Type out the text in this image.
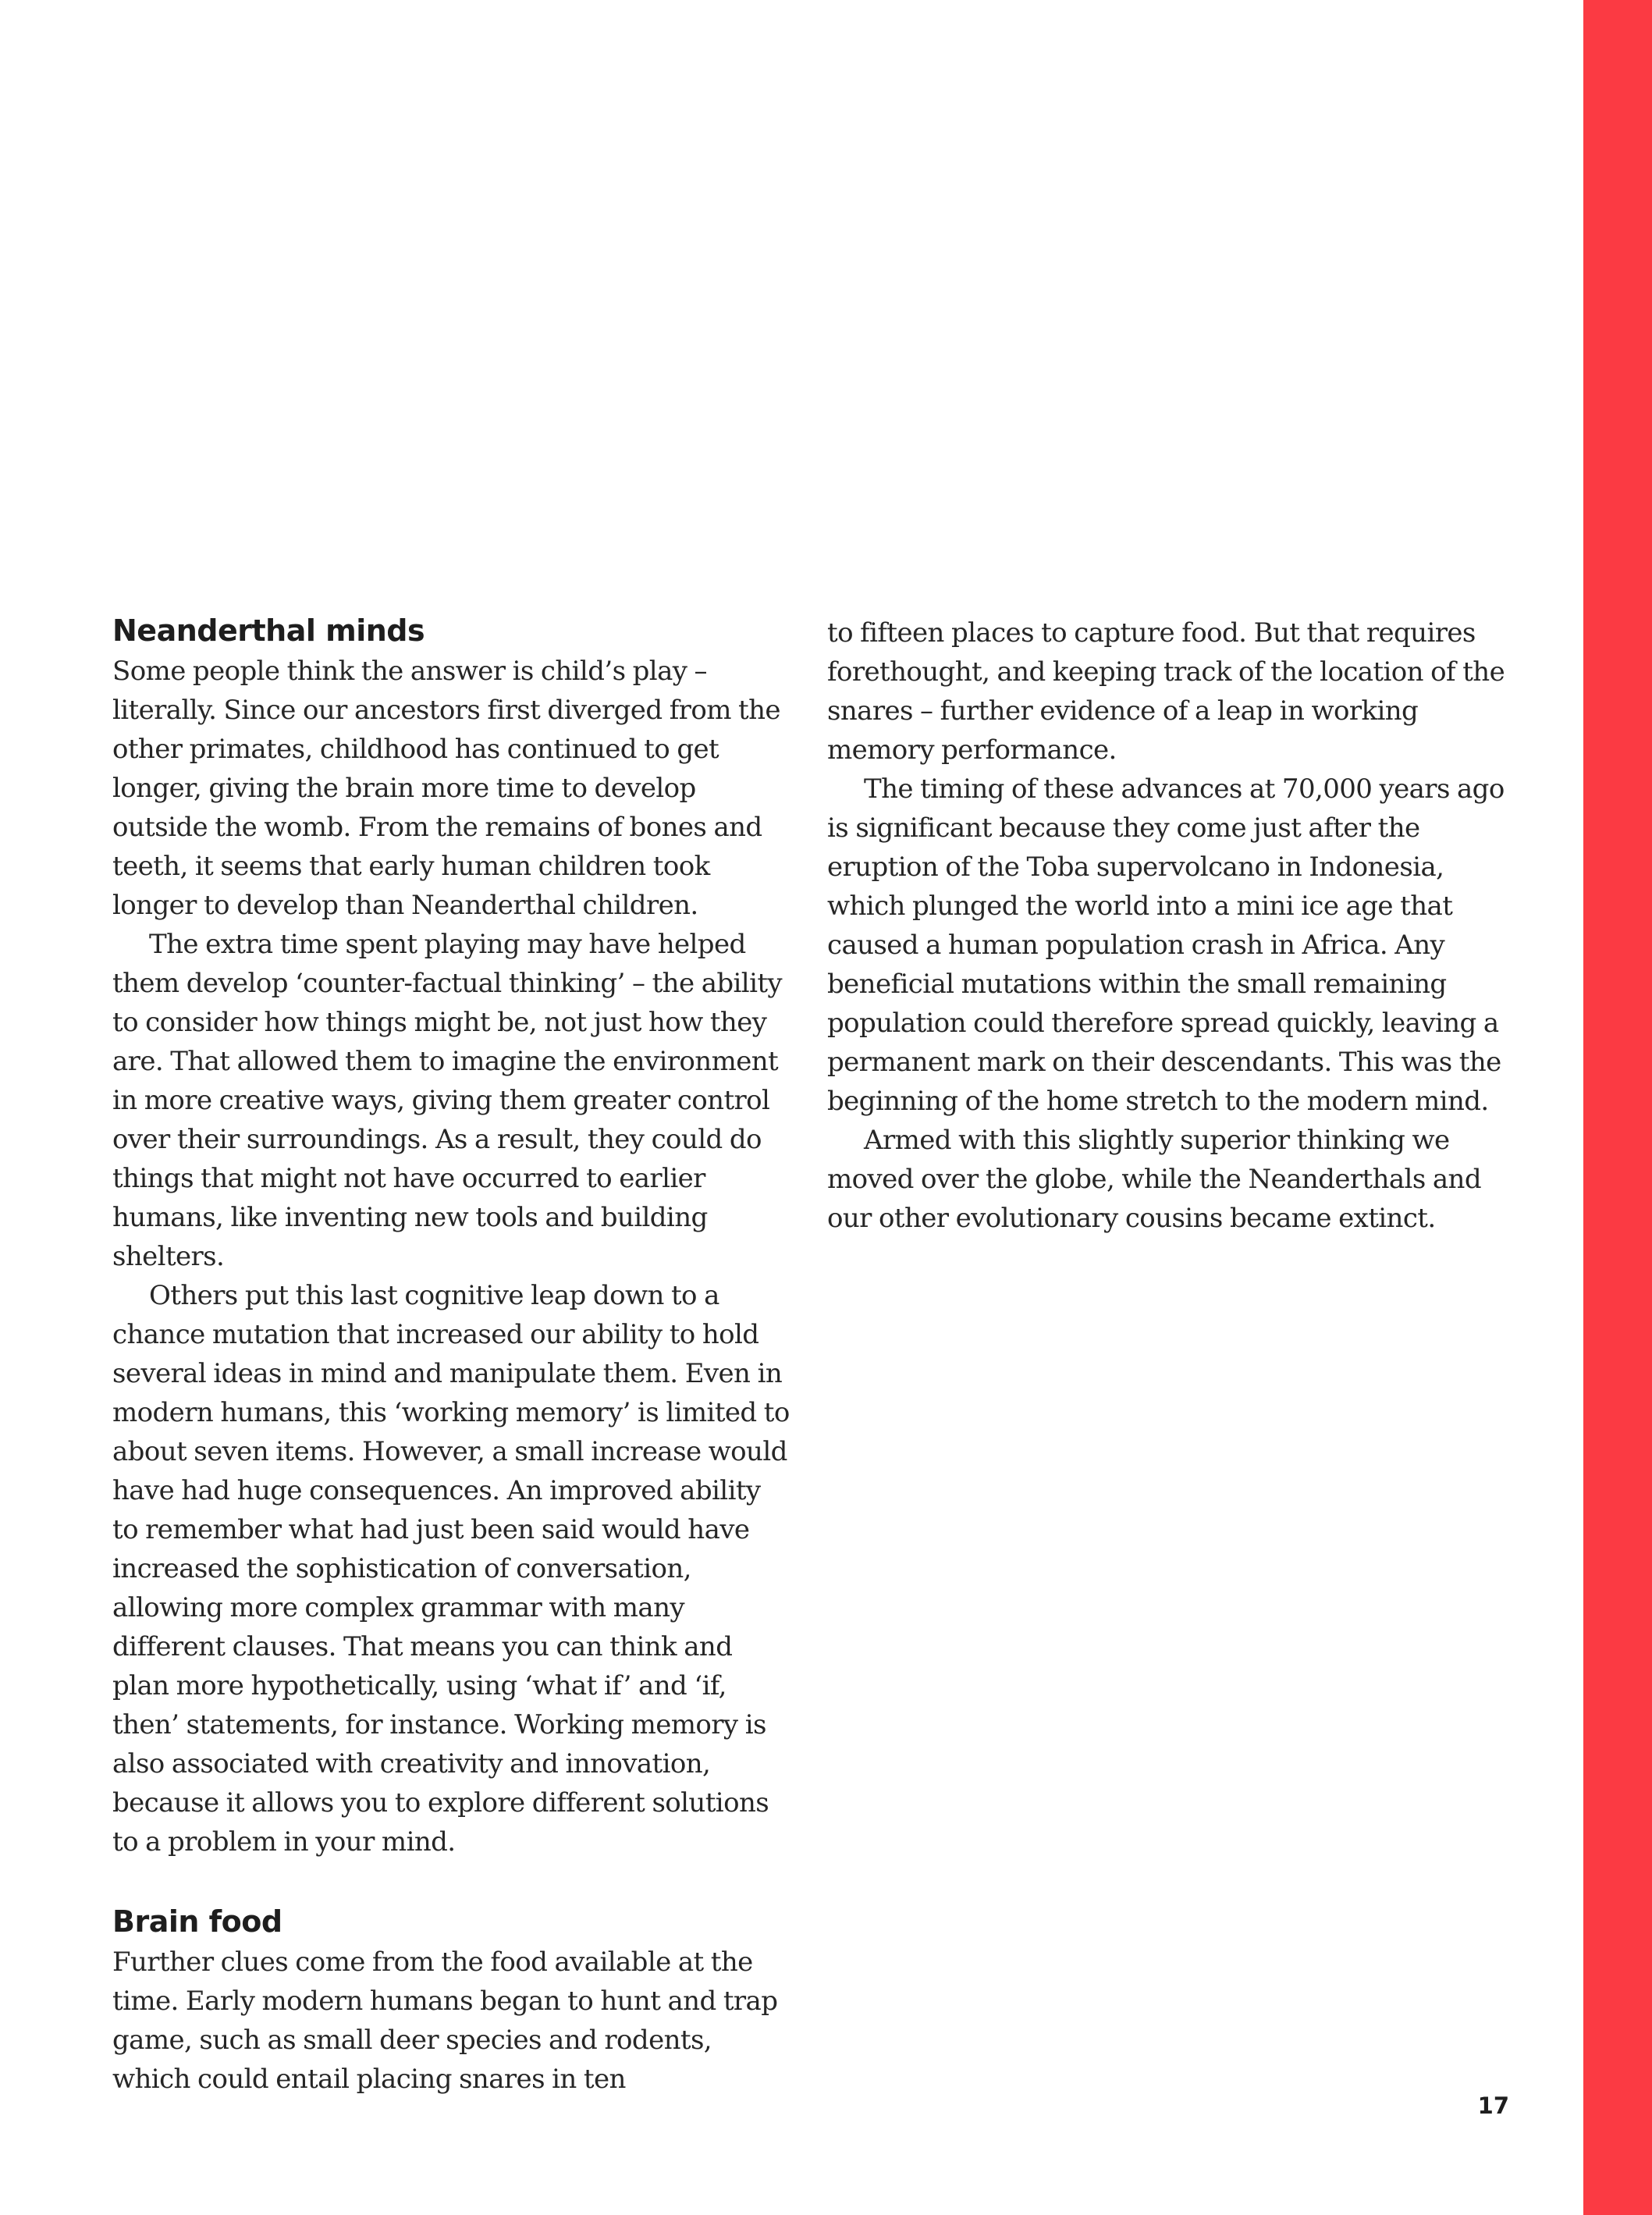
Neanderthal minds

Some people think the answer is child’s play – literally. Since our ancestors first diverged from the other primates, childhood has continued to get longer, giving the brain more time to develop outside the womb. From the remains of bones and teeth, it seems that early human children took longer to develop than Neanderthal children.

The extra time spent playing may have helped them develop ‘counter-factual thinking’ – the ability to consider how things might be, not just how they are. That allowed them to imagine the environment in more creative ways, giving them greater control over their surroundings. As a result, they could do things that might not have occurred to earlier humans, like inventing new tools and building shelters.

Others put this last cognitive leap down to a chance mutation that increased our ability to hold several ideas in mind and manipulate them. Even in modern humans, this ‘working memory’ is limited to about seven items. However, a small increase would have had huge consequences. An improved ability to remember what had just been said would have increased the sophistication of conversation, allowing more complex grammar with many different clauses. That means you can think and plan more hypothetically, using ‘what if’ and ‘if, then’ statements, for instance. Working memory is also associated with creativity and innovation, because it allows you to explore different solutions to a problem in your mind.

Brain food

Further clues come from the food available at the time. Early modern humans began to hunt and trap game, such as small deer species and rodents, which could entail placing snares in ten

to fifteen places to capture food. But that requires forethought, and keeping track of the location of the snares – further evidence of a leap in working memory performance.

The timing of these advances at 70,000 years ago is significant because they come just after the eruption of the Toba supervolcano in Indonesia, which plunged the world into a mini ice age that caused a human population crash in Africa. Any beneficial mutations within the small remaining population could therefore spread quickly, leaving a permanent mark on their descendants. This was the beginning of the home stretch to the modern mind.

Armed with this slightly superior thinking we moved over the globe, while the Neanderthals and our other evolutionary cousins became extinct.

17
